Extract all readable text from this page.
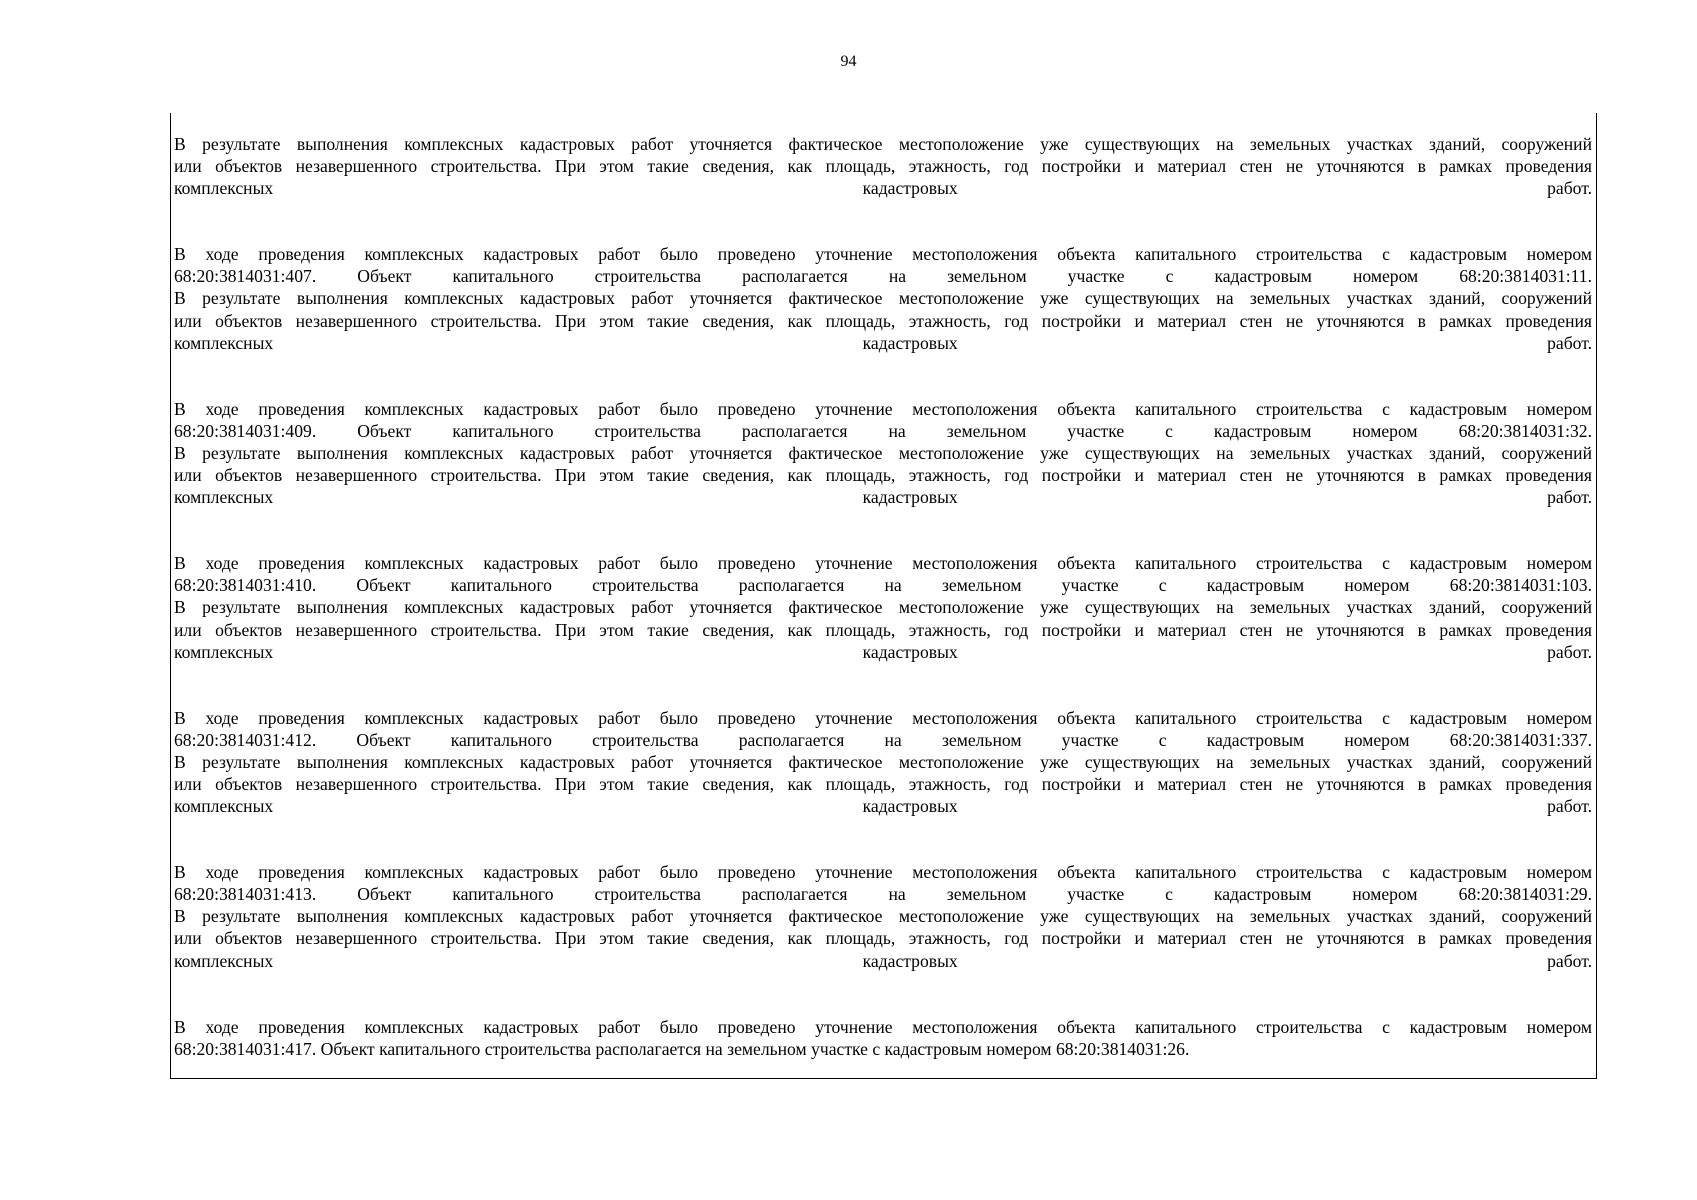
94
В результате выполнения комплексных кадастровых работ уточняется фактическое местоположение уже существующих на земельных участках зданий, сооружений
или объектов незавершенного строительства. При этом такие сведения, как площадь, этажность, год постройки и материал стен не уточняются в рамках проведения
комплексных кадастровых работ.
В ходе проведения комплексных кадастровых работ было проведено уточнение местоположения объекта капитального строительства с кадастровым номером
68:20:3814031:407. Объект капитального строительства располагается на земельном участке с кадастровым номером 68:20:3814031:11.
В результате выполнения комплексных кадастровых работ уточняется фактическое местоположение уже существующих на земельных участках зданий, сооружений
или объектов незавершенного строительства. При этом такие сведения, как площадь, этажность, год постройки и материал стен не уточняются в рамках проведения
комплексных кадастровых работ.
В ходе проведения комплексных кадастровых работ было проведено уточнение местоположения объекта капитального строительства с кадастровым номером
68:20:3814031:409. Объект капитального строительства располагается на земельном участке с кадастровым номером 68:20:3814031:32.
В результате выполнения комплексных кадастровых работ уточняется фактическое местоположение уже существующих на земельных участках зданий, сооружений
или объектов незавершенного строительства. При этом такие сведения, как площадь, этажность, год постройки и материал стен не уточняются в рамках проведения
комплексных кадастровых работ.
В ходе проведения комплексных кадастровых работ было проведено уточнение местоположения объекта капитального строительства с кадастровым номером
68:20:3814031:410. Объект капитального строительства располагается на земельном участке с кадастровым номером 68:20:3814031:103.
В результате выполнения комплексных кадастровых работ уточняется фактическое местоположение уже существующих на земельных участках зданий, сооружений
или объектов незавершенного строительства. При этом такие сведения, как площадь, этажность, год постройки и материал стен не уточняются в рамках проведения
комплексных кадастровых работ.
В ходе проведения комплексных кадастровых работ было проведено уточнение местоположения объекта капитального строительства с кадастровым номером
68:20:3814031:412. Объект капитального строительства располагается на земельном участке с кадастровым номером 68:20:3814031:337.
В результате выполнения комплексных кадастровых работ уточняется фактическое местоположение уже существующих на земельных участках зданий, сооружений
или объектов незавершенного строительства. При этом такие сведения, как площадь, этажность, год постройки и материал стен не уточняются в рамках проведения
комплексных кадастровых работ.
В ходе проведения комплексных кадастровых работ было проведено уточнение местоположения объекта капитального строительства с кадастровым номером
68:20:3814031:413. Объект капитального строительства располагается на земельном участке с кадастровым номером 68:20:3814031:29.
В результате выполнения комплексных кадастровых работ уточняется фактическое местоположение уже существующих на земельных участках зданий, сооружений
или объектов незавершенного строительства. При этом такие сведения, как площадь, этажность, год постройки и материал стен не уточняются в рамках проведения
комплексных кадастровых работ.
В ходе проведения комплексных кадастровых работ было проведено уточнение местоположения объекта капитального строительства с кадастровым номером
68:20:3814031:417. Объект капитального строительства располагается на земельном участке с кадастровым номером 68:20:3814031:26.
